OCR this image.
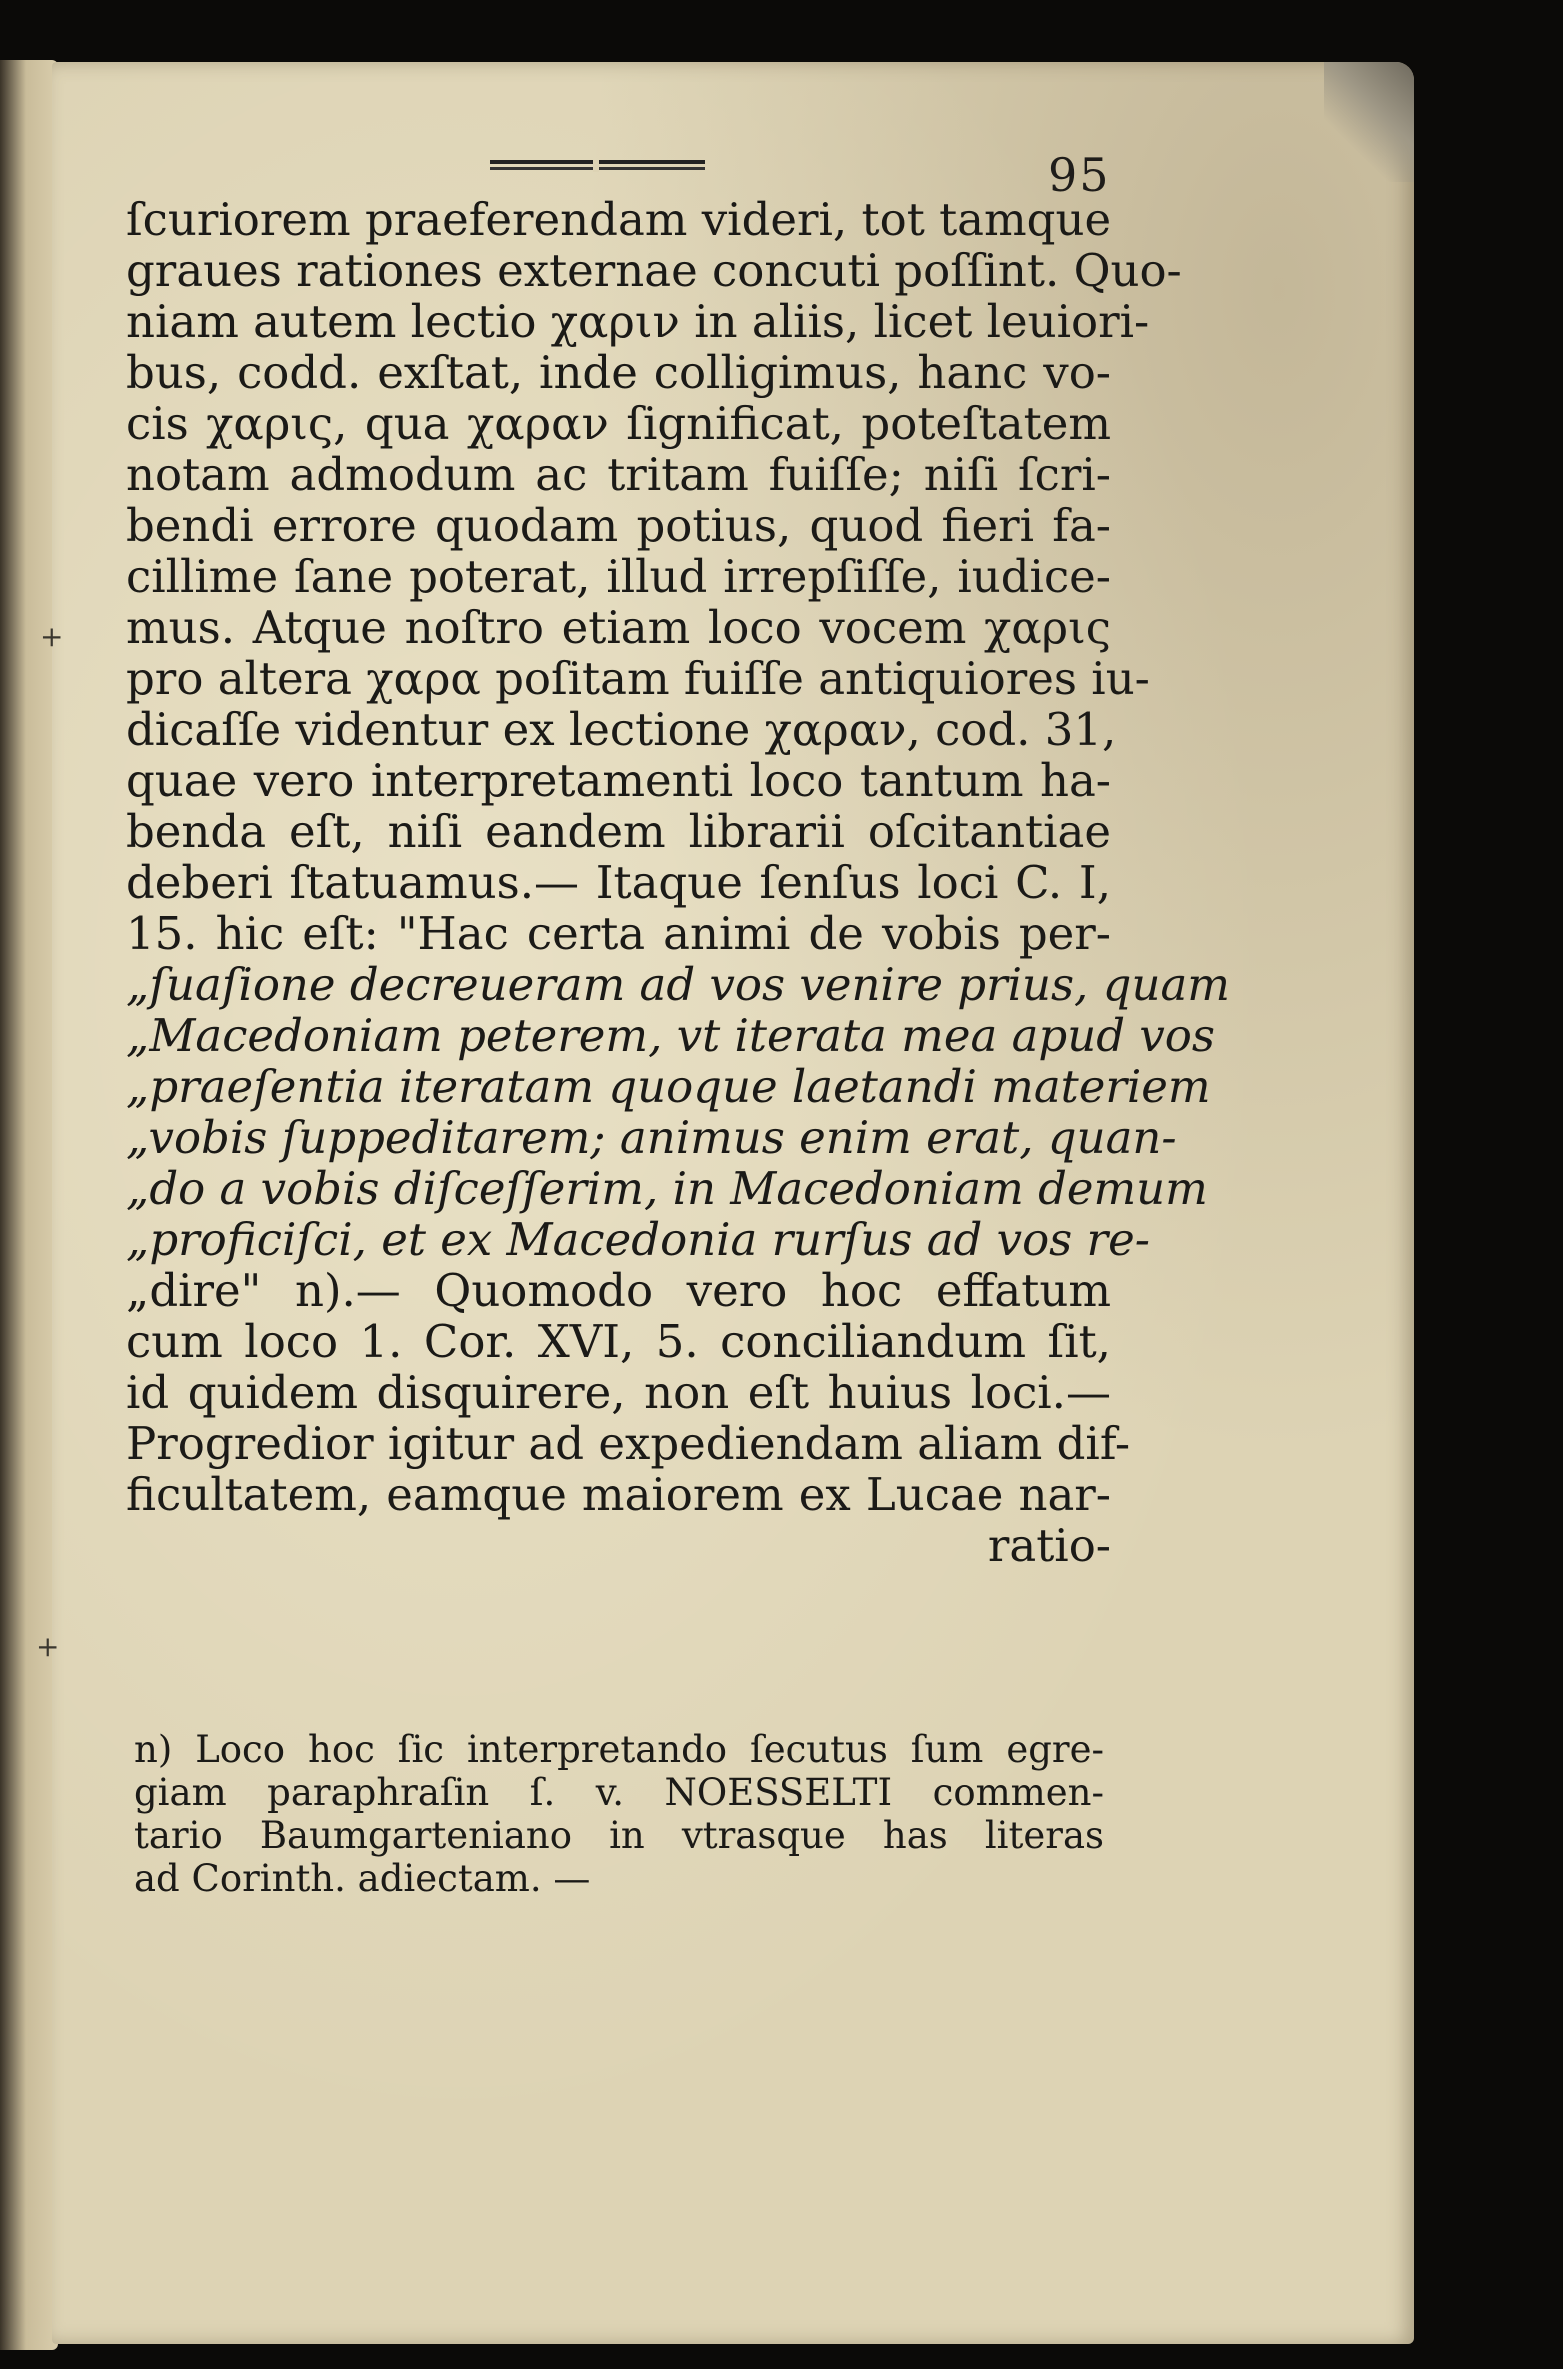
95
ſcuriorem praeferendam videri, tot tamque
graues rationes externae concuti poſſint. Quo-
niam autem lectio χαριν in aliis, licet leuiori-
bus, codd. exſtat, inde colligimus, hanc vo-
cis χαρις, qua χαραν ſignificat, poteſtatem
notam admodum ac tritam fuiſſe; niſi ſcri-
bendi errore quodam potius, quod fieri fa-
cillime ſane poterat, illud irrepſiſſe, iudice-
mus. Atque noſtro etiam loco vocem χαρις
pro altera χαρα poſitam fuiſſe antiquiores iu-
dicaſſe videntur ex lectione χαραν, cod. 31,
quae vero interpretamenti loco tantum ha-
benda eſt, niſi eandem librarii oſcitantiae
deberi ſtatuamus.— Itaque ſenſus loci C. I,
15. hic eſt: "Hac certa animi de vobis per-
„ſuaſione decreueram ad vos venire prius, quam
„Macedoniam peterem, vt iterata mea apud vos
„praeſentia iteratam quoque laetandi materiem
„vobis ſuppeditarem; animus enim erat, quan-
„do a vobis diſceſſerim, in Macedoniam demum
„proficiſci, et ex Macedonia rurſus ad vos re-
„dire" n).— Quomodo vero hoc effatum
cum loco 1. Cor. XVI, 5. conciliandum ſit,
id quidem disquirere, non eſt huius loci.—
Progredior igitur ad expediendam aliam dif-
ficultatem, eamque maiorem ex Lucae nar-
ratio-
n) Loco hoc ſic interpretando ſecutus ſum egre-
giam paraphraſin ſ. v. NOESSELTI commen-
tario Baumgarteniano in vtrasque has literas
ad Corinth. adiectam. —
+
+
